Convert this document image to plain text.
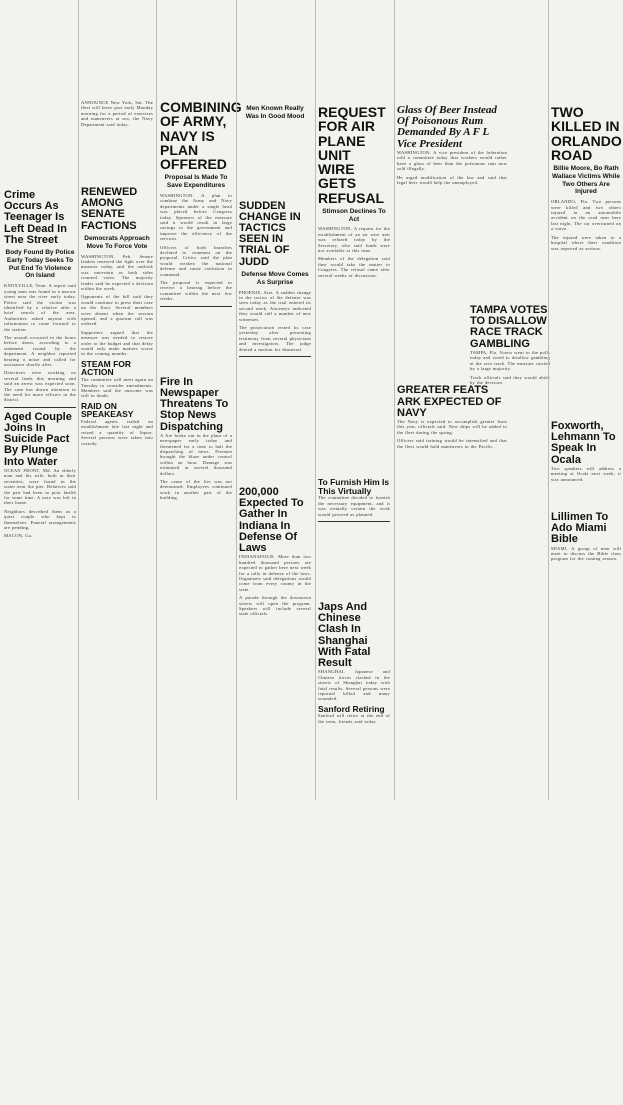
Crime Occurs As Teenager Is Left Dead In The Street
Body Found By Police Early Today Seeks To Put End To Violence On Island

KNOXVILLE, Tenn. A report said young man was found in a narrow street near the river early today. Police said the victim was identified by a relative after a brief search of the area. Authorities asked anyone with information to come forward to the station.

The assault occurred in the hours before dawn, according to a statement issued by the department. A neighbor reported hearing a noise and called for assistance shortly after.

Detectives were working on several leads this morning and said an arrest was expected soon. The case has drawn attention to the need for more officers in the district.

Aged Couple Joins In Suicide Pact By Plunge Into Water

OCEAN FRONT, Md. An elderly man and his wife, both in their seventies, were found in the water near the pier. Relatives said the pair had been in poor health for some time. A note was left in their home.

Neighbors described them as a quiet couple who kept to themselves. Funeral arrangements are pending.

MACON, Ga.

ANNOUNCE New York, Sat. The fleet will leave port early Monday morning for a period of exercises and maneuvers at sea, the Navy Department said today.

RENEWED AMONG SENATE FACTIONS
Democrats Approach Move To Force Vote

WASHINGTON, Feb. Senate leaders renewed the fight over the measure today, and the outlook was uncertain as both sides counted votes. The majority leader said he expected a decision within the week.

Opponents of the bill said they would continue to press their case on the floor. Several members were absent when the session opened, and a quorum call was ordered.

Supporters argued that the measure was needed to restore order to the budget and that delay would only make matters worse in the coming months.

STEAM FOR ACTION

The committee will meet again on Tuesday to consider amendments. Members said the outcome was still in doubt.

RAID ON SPEAKEASY

Federal agents raided an establishment late last night and seized a quantity of liquor. Several persons were taken into custody.

COMBINING OF ARMY, NAVY IS PLAN OFFERED
Proposal Is Made To Save Expenditures

WASHINGTON. A plan to combine the Army and Navy departments under a single head was placed before Congress today. Sponsors of the measure said it would result in large savings to the government and improve the efficiency of the services.

Officers of both branches declined to comment on the proposal. Critics said the plan would weaken the national defense and cause confusion in command.

The proposal is expected to receive a hearing before the committee within the next few weeks.

Fire In Newspaper Threatens To Stop News Dispatching

A fire broke out in the plant of a newspaper early today and threatened for a time to halt the dispatching of news. Firemen brought the blaze under control within an hour. Damage was estimated at several thousand dollars.

The cause of the fire was not determined. Employees continued work in another part of the building.

Men Known Really Was In Good Mood
SUDDEN CHANGE IN TACTICS SEEN IN TRIAL OF JUDD
Defense Move Comes As Surprise

PHOENIX, Ariz. A sudden change in the tactics of the defense was seen today as the trial entered its second week. Attorneys indicated they would call a number of new witnesses.

The prosecution rested its case yesterday after presenting testimony from several physicians and investigators. The judge denied a motion for dismissal.

200,000 Expected To Gather In Indiana In Defense Of Laws

INDIANAPOLIS. More than two hundred thousand persons are expected to gather here next week for a rally in defense of the laws. Organizers said delegations would come from every county in the state.

A parade through the downtown streets will open the program. Speakers will include several state officials.

REQUEST FOR AIR PLANE UNIT WIRE GETS REFUSAL
Stimson Declines To Act

WASHINGTON. A request for the establishment of an air wire unit was refused today by the Secretary, who said funds were not available at this time.

Members of the delegation said they would take the matter to Congress. The refusal came after several weeks of discussion.

To Furnish Him Is This Virtually

The committee decided to furnish the necessary equipment, and it was virtually certain the work would proceed as planned.

Japs And Chinese Clash In Shanghai With Fatal Result

SHANGHAI. Japanese and Chinese forces clashed in the streets of Shanghai today with fatal results. Several persons were reported killed and many wounded.

Sanford Retiring

Sanford will retire at the end of the term, friends said today.

Glass Of Beer Instead Of Poisonous Rum Demanded By A F L Vice President

WASHINGTON. A vice president of the federation told a committee today that workers would rather have a glass of beer than the poisonous rum now sold illegally.

He urged modification of the law and said that legal beer would help the unemployed.

GREATER FEATS ARK EXPECTED OF NAVY

The Navy is expected to accomplish greater feats this year, officials said. New ships will be added to the fleet during the spring.

Officers said training would be intensified and that the fleet would hold maneuvers in the Pacific.

TAMPA VOTES TO DISALLOW RACE TRACK GAMBLING

TAMPA, Fla. Voters went to the polls today and voted to disallow gambling at the race track. The measure carried by a large majority.

Track officials said they would abide by the decision.

TWO KILLED IN ORLANDO ROAD
Billie Moore, Bo Rath Wallace Victims While Two Others Are Injured

ORLANDO, Fla. Two persons were killed and two others injured in an automobile accident on the road near here last night. The car overturned on a curve.

The injured were taken to a hospital where their condition was reported as serious.

Foxworth, Lehmann To Speak In Ocala

Two speakers will address a meeting at Ocala next week, it was announced.

Lillimen To Ado Miami Bible

MIAMI. A group of men will meet to discuss the Bible class program for the coming season.
